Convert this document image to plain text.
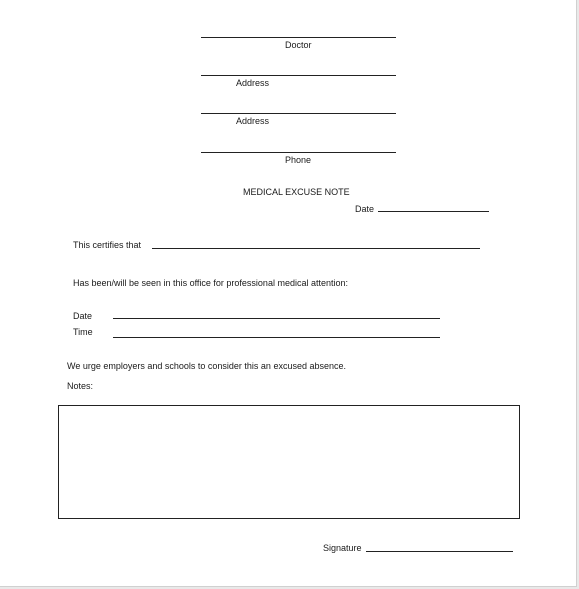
Doctor
Address
Address
Phone
MEDICAL EXCUSE NOTE
Date
This certifies that
Has been/will be seen in this office for professional medical attention:
Date
Time
We urge employers and schools to consider this an excused absence.
Notes:
Signature
